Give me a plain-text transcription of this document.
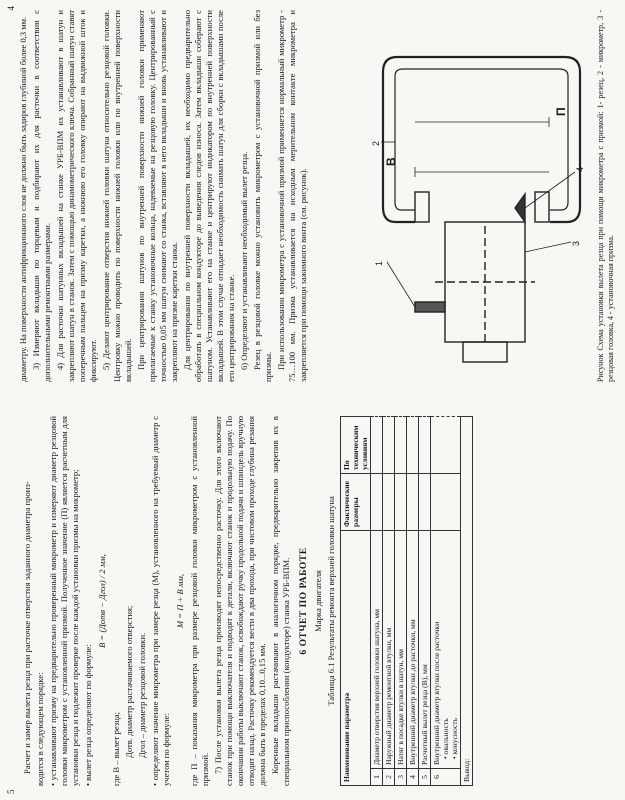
5

Расчет и замер вылета резца при расточке отверстия заданного диаметра произ- водится в следующем порядке: • устанавливают призму на предварительно проверенный микрометр и измеряют диаметр резцовой головки микрометром с установленной призмой. Полученное значение (П) является расчетным для установки резца и подлежит проверке после каждой установки призмы на микрометр; • вылет резца определяют по формуле:

В = (Дотв − Дгол) / 2 мм,

где В – вылет резца; Дотв. диаметр растачиваемого отверстия; Дгол – диаметр резцовой головки. • определяют значение микрометра при замере резца (М), установленного на требуемый диаметр с учетом по формуле:

М = П + В мм, где П – показания микрометра при размере резцовой головки микрометром с установленной призмой. 7) После установки вылета резца производят непосредственно расточку. Для этого включают станок при помощи выключателя и подводят к детали, включают станок и продольную подачу. По окончании работы выключают станок, освобождают ручку продольной подачи и шпиндель вручную отводят назад. Расточку рекомендуется вести в два прохода, при чистовом проходе глубина резания должна быть в пределах 0,10...0,15 мм. Коренные вкладыши растачивают в аналогичном порядке, предварительно закрепив их в специальном приспособлении (кондукторе) станка УРБ-ВПМ. 6 ОТЧЕТ ПО РАБОТЕ Марка двигателя Таблица 6.1 Результаты ремонта верхней головки шатуна
Наименование параметра		Фактические размеры	По техническим условиям
1	Диаметр отверстия верхней головки шатуна, мм		
2	Наружный диаметр ремонтной втулки, мм		
3	Натяг в посадке втулки в шатун, мм		
4	Внутренний диаметр втулки до расточки, мм		
5	Расчетный вылет резца (В), мм		
6	Внутренний диаметр втулки после расточки • овальность • конусность		

Вывод:			
4

диаметру. На поверхности антифрикционного слоя не должно быть задиров глубиной более 0,3 мм. 3) Измеряют вкладыши по торцевым и подбирают их для расточки в соответствии с дополнительными ремонтными размерами. 4) Для расточки шатунных вкладышей на станке УРБ-ВПМ их устанавливают в шатун и закрепляют шатун в станок. Затем с помощью динамометрического ключа. Собранный шатун ставят поперечным пальцем на призму каретки, а нижнюю его головку опирают на выдвижной шток и фиксируют. 5) Делают центрирование отверстия нижней головки шатуна относительно резцовой головки. Центровку можно проводить по поверхности нижней головки или по внутренней поверхности вкладышей. При центрировании шатунов по внутренней поверхности нижней головки применяют прилагаемые к станку установочные кольца, надеваемые на резцовую головку. Центрированный с точностью 0,05 мм шатун снимают со станка, вставляют в него вкладыши и вновь устанавливают и закрепляют на призме каретки станка. Для центрирования по внутренней поверхности вкладышей, их необходимо предварительно обработать в специальном кондукторе до выведения следов износа. Затем вкладыши соберают с шатуном. Устанавливают его на станке и центрируют индикатором по внутренней поверхности вкладышей. В этом случае отпадает необходимость снимать шатун для сборки с вкладышами после его центрирования на станке. 6) Определяют и устанавливают необходимый вылет резца. Резец в резцовой головке можно установить микрометром с установочной призмой или без призмы. При использовании микрометра с установочной призмой применяется нормальный микрометр - 75…100 мм. Призма устанавливается на исходным мерительном контакте микрометра и закрепляется при помощи зажимного винта (см. рисунок).

В
П
1
2
3
4 Рисунок Схема установки вылета резца при помощи микрометра с призмой: 1- резец, 2 - микрометр, 3 - резцовая головка, 4 - установочная призма.
